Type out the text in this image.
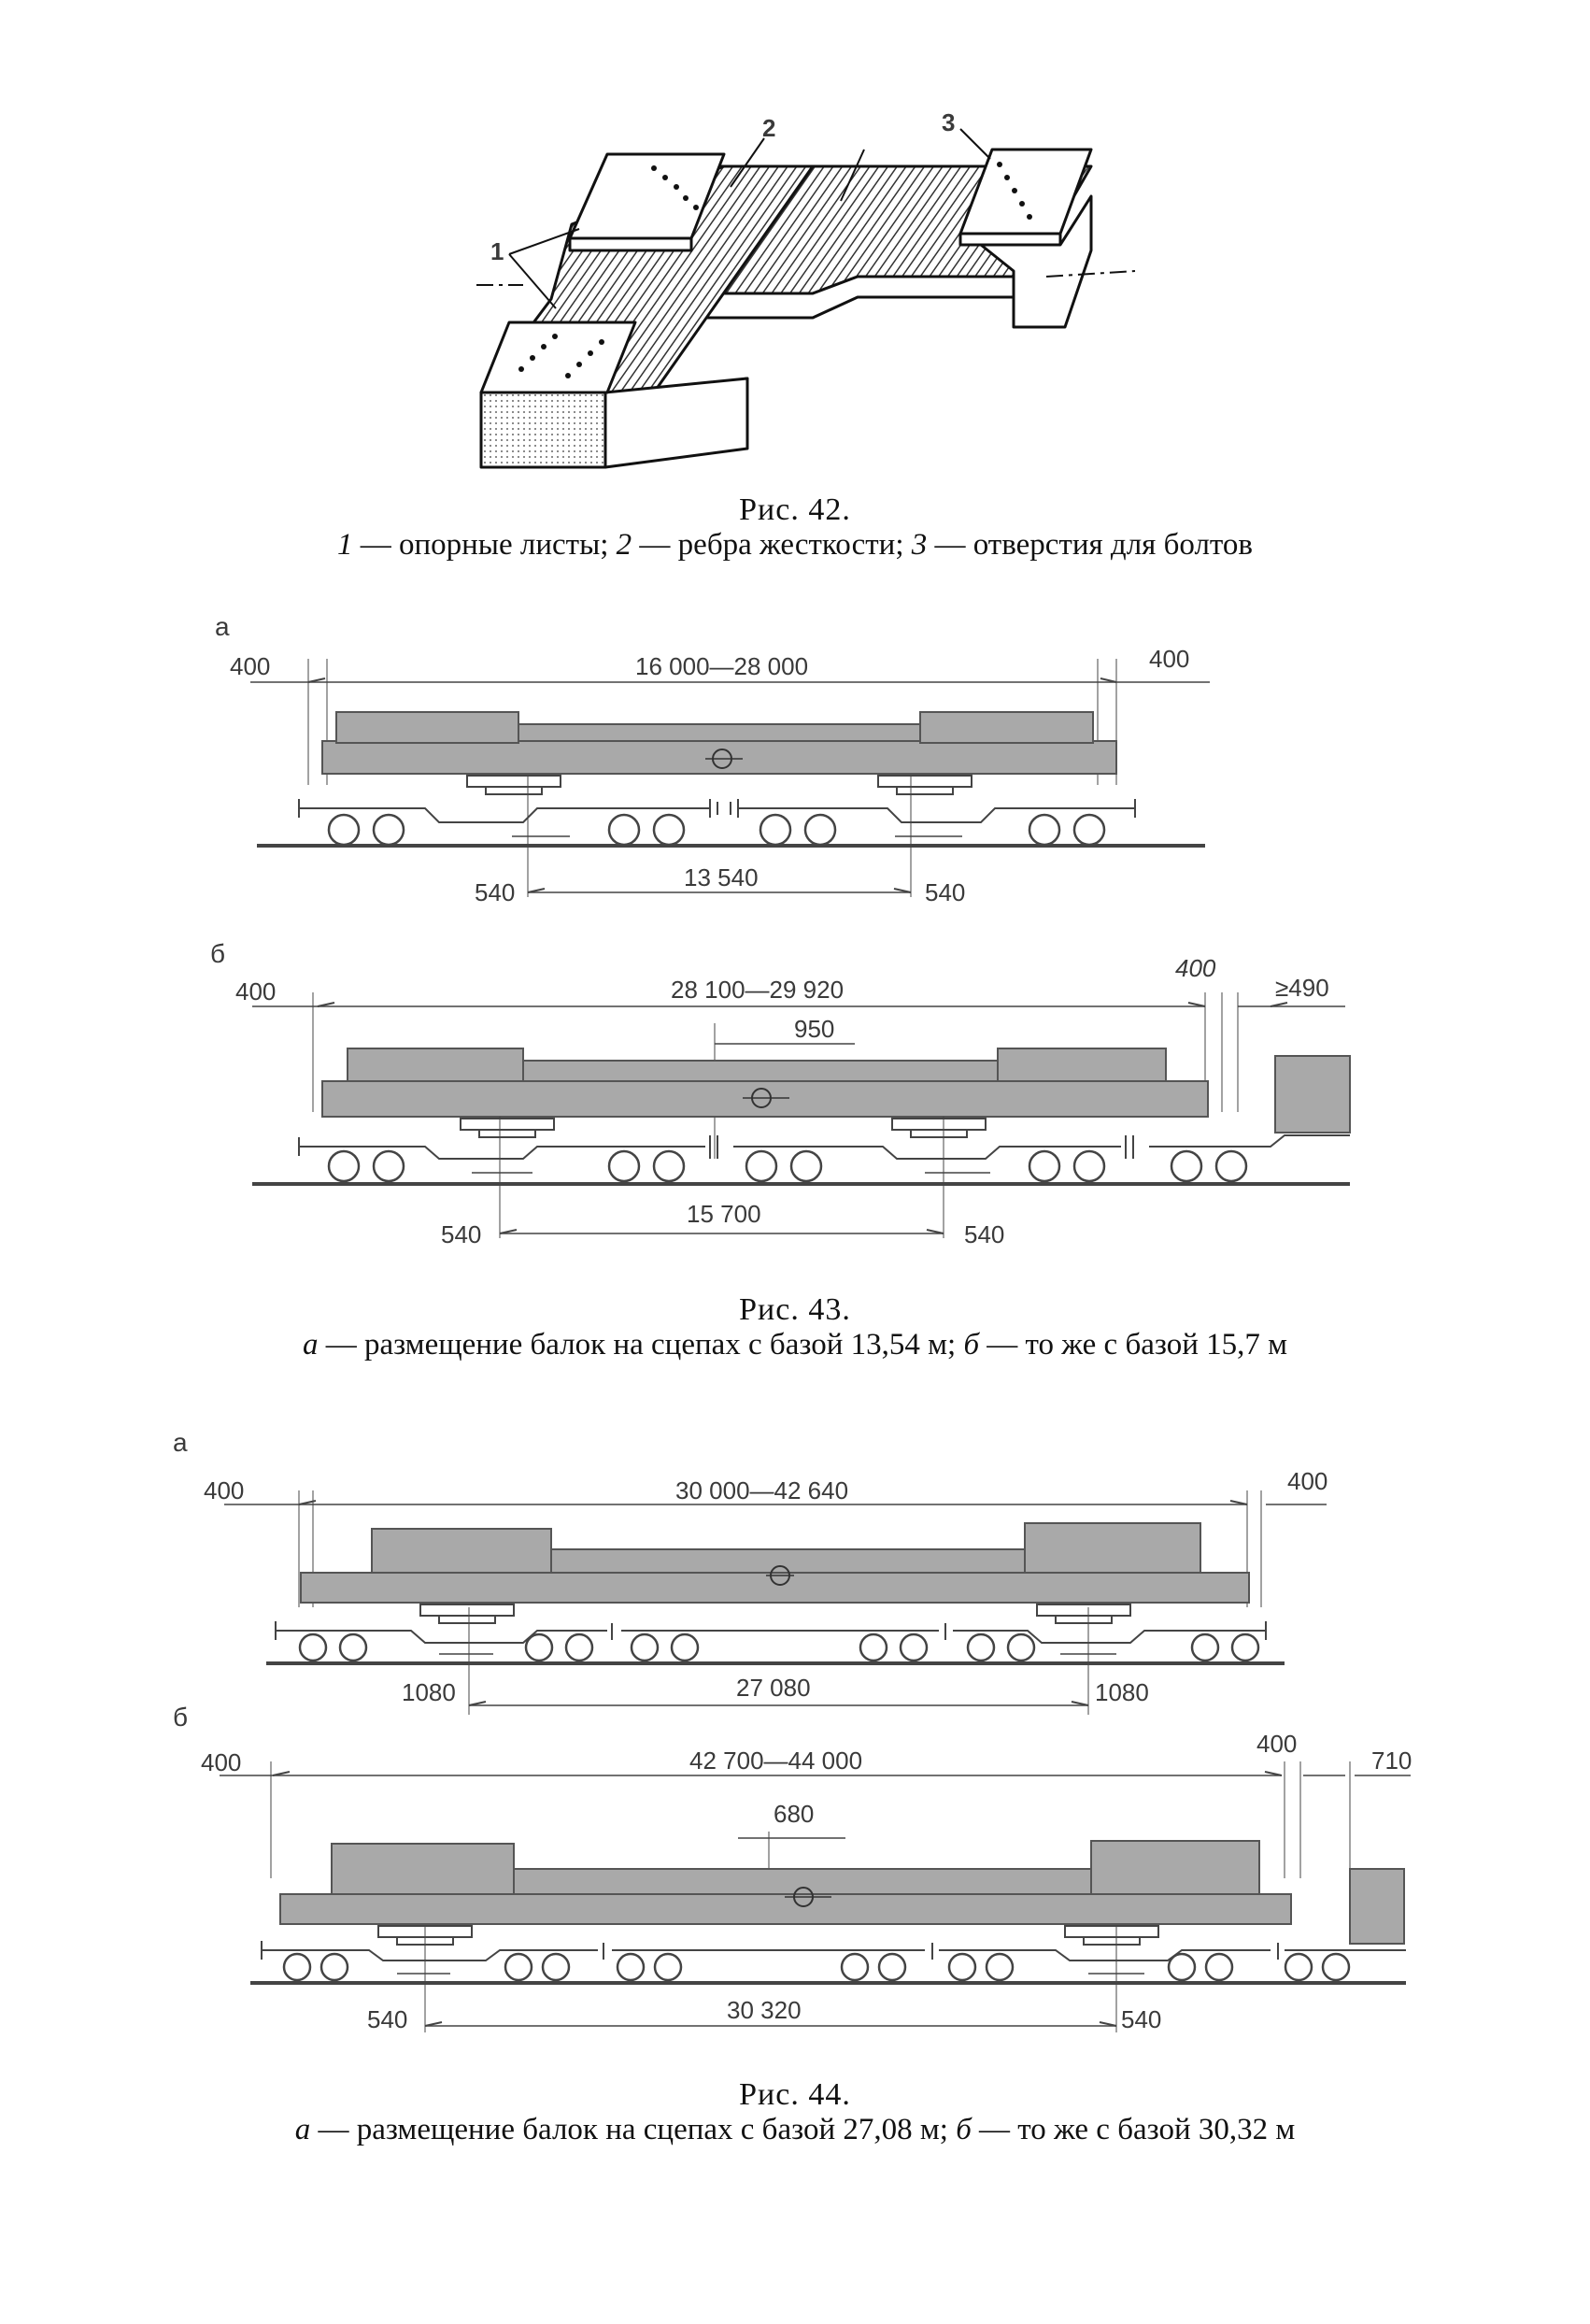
1
2	3
а
400	16 000—28 000	400
540
13 540
540
б
400	28 100—29 920
400
≥490
950
540
15 700
540
а
400	30 000—42 640	400
1080	27 080	1080
б
400	42 700—44 000
400
710
680
540	30 320	540
Рис. 42.
1 — опорные листы; 2 — ребра жесткости; 3 — отверстия для болтов
Рис. 43.
а — размещение балок на сцепах с базой 13,54 м; б — то же с базой 15,7 м
Рис. 44.
а — размещение балок на сцепах с базой 27,08 м; б — то же с базой 30,32 м
